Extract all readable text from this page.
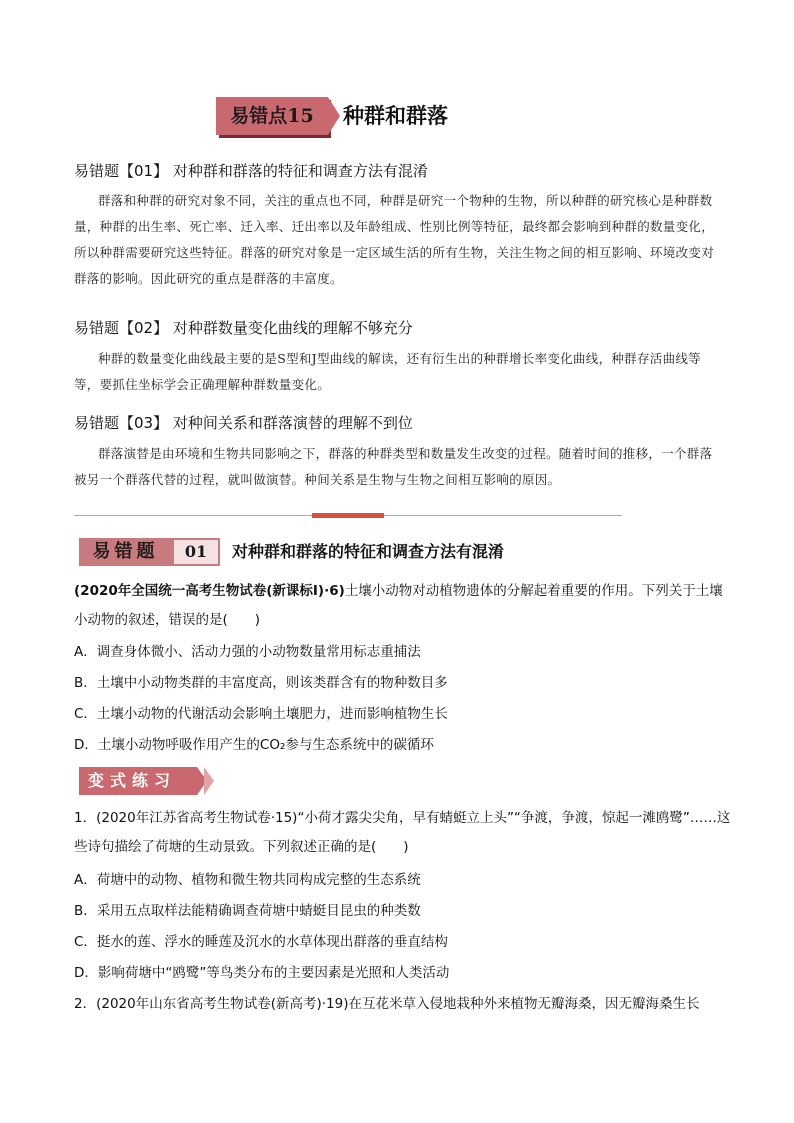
易错点15	种群和群落
易错题【01】 对种群和群落的特征和调查方法有混淆
群落和种群的研究对象不同，关注的重点也不同，种群是研究一个物种的生物，所以种群的研究核心是种群数量，种群的出生率、死亡率、迁入率、迁出率以及年龄组成、性别比例等特征，最终都会影响到种群的数量变化，所以种群需要研究这些特征。群落的研究对象是一定区域生活的所有生物，关注生物之间的相互影响、环境改变对群落的影响。因此研究的重点是群落的丰富度。
易错题【02】 对种群数量变化曲线的理解不够充分
种群的数量变化曲线最主要的是S型和J型曲线的解读，还有衍生出的种群增长率变化曲线，种群存活曲线等等，要抓住坐标学会正确理解种群数量变化。
易错题【03】 对种间关系和群落演替的理解不到位
群落演替是由环境和生物共同影响之下，群落的种群类型和数量发生改变的过程。随着时间的推移，一个群落被另一个群落代替的过程，就叫做演替。种间关系是生物与生物之间相互影响的原因。
易错题	01	对种群和群落的特征和调查方法有混淆
(2020年全国统一高考生物试卷(新课标Ⅰ)·6)土壤小动物对动植物遗体的分解起着重要的作用。下列关于土壤小动物的叙述，错误的是(　　)
A．调查身体微小、活动力强的小动物数量常用标志重捕法
B．土壤中小动物类群的丰富度高，则该类群含有的物种数目多
C．土壤小动物的代谢活动会影响土壤肥力，进而影响植物生长
D．土壤小动物呼吸作用产生的CO₂参与生态系统中的碳循环
变式练习
1．(2020年江苏省高考生物试卷·15)“小荷才露尖尖角，早有蜻蜓立上头”“争渡，争渡，惊起一滩鸥鹭”……这些诗句描绘了荷塘的生动景致。下列叙述正确的是(　　)
A．荷塘中的动物、植物和微生物共同构成完整的生态系统
B．采用五点取样法能精确调查荷塘中蜻蜓目昆虫的种类数
C．挺水的莲、浮水的睡莲及沉水的水草体现出群落的垂直结构
D．影响荷塘中“鸥鹭”等鸟类分布的主要因素是光照和人类活动
2．(2020年山东省高考生物试卷(新高考)·19)在互花米草入侵地栽种外来植物无瓣海桑，因无瓣海桑生长
